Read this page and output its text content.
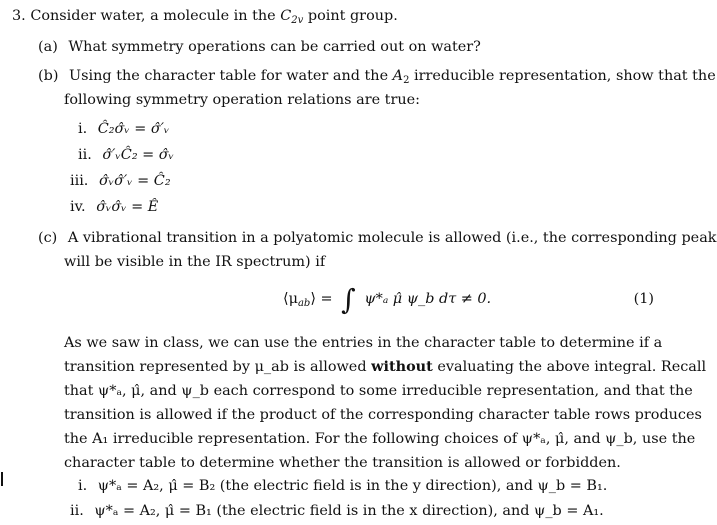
3. Consider water, a molecule in the $C_{2v}$ point group.
(a) What symmetry operations can be carried out on water?
(b) Using the character table for water and the $A_2$ irreducible representation, show that the
following symmetry operation relations are true:
i. Ĉ₂σ̂ᵥ = σ̂′ᵥ
ii. σ̂′ᵥĈ₂ = σ̂ᵥ
iii. σ̂ᵥσ̂′ᵥ = Ĉ₂
iv. σ̂ᵥσ̂ᵥ = Ê
(c) A vibrational transition in a polyatomic molecule is allowed (i.e., the corresponding peak
will be visible in the IR spectrum) if
$⟨\mu_{ab}⟩$ = ∫ ψ*ₐ μ̂ ψ_b dτ ≠ 0.	(1)
As we saw in class, we can use the entries in the character table to determine if a
transition represented by μ_ab is allowed without evaluating the above integral. Recall
that ψ*ₐ, μ̂, and ψ_b each correspond to some irreducible representation, and that the
transition is allowed if the product of the corresponding character table rows produces
the A₁ irreducible representation. For the following choices of ψ*ₐ, μ̂, and ψ_b, use the
character table to determine whether the transition is allowed or forbidden.
i. ψ*ₐ = A₂, μ̂ = B₂ (the electric field is in the y direction), and ψ_b = B₁.
ii. ψ*ₐ = A₂, μ̂ = B₁ (the electric field is in the x direction), and ψ_b = A₁.
